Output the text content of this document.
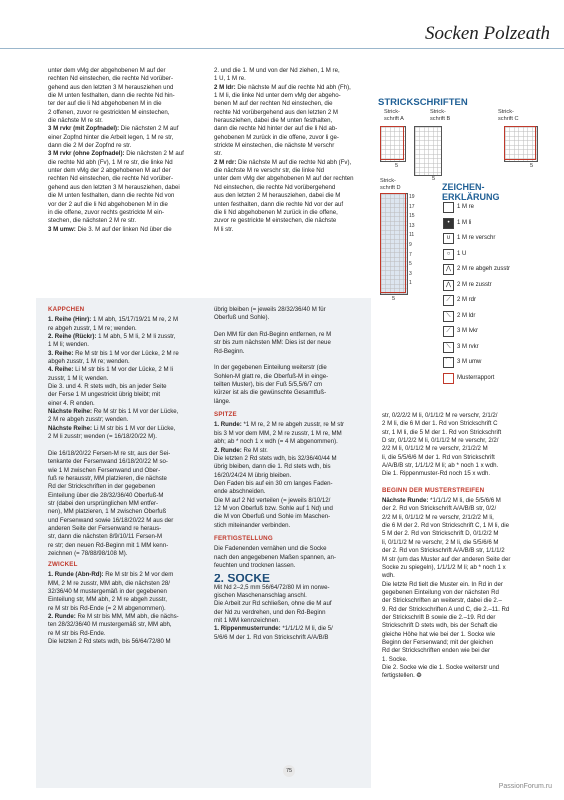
Socken Polzeath
unter dem vMg der abgehobenen M auf der
rechten Nd einstechen, die rechte Nd vorüber-
gehend aus den letzten 3 M herausziehen und
die M unten festhalten, dann die rechte Nd hin-
ter der auf die li Nd abgehobenen M in die
2 offenen, zuvor re gestrickten M einstechen,
die nächste M re str.
3 M rvkr (mit Zopfnadel): Die nächsten 2 M auf
einer Zopfnd hinter die Arbeit legen, 1 M re str,
dann die 2 M der Zopfnd re str.
3 M rvkr (ohne Zopfnadel): Die nächsten 2 M auf
die rechte Nd abh (Fv), 1 M re str, die linke Nd
unter dem vMg der 2 abgehobenen M auf der
rechten Nd einstechen, die rechte Nd vorüber-
gehend aus den letzten 3 M herausziehen, dabei
die M unten festhalten, dann die rechte Nd von
vor der 2 auf die li Nd abgehobenen M in die
in die offene, zuvor rechts gestrickte M ein-
stechen, die nächsten 2 M re str.
3 M umw: Die 3. M auf der linken Nd über die
2. und die 1. M und von der Nd ziehen, 1 M re,
1 U, 1 M re.
2 M ldr: Die nächste M auf die rechte Nd abh (Fh),
1 M li, die linke Nd unter dem vMg der abgeho-
benen M auf der rechten Nd einstechen, die
rechte Nd vorübergehend aus den letzten 2 M
herausziehen, dabei die M unten festhalten,
dann die rechte Nd hinter der auf die li Nd ab-
gehobenen M zurück in die offene, zuvor li ge-
strickte M einstechen, die nächste M verschr
str.
2 M rdr: Die nächste M auf die rechte Nd abh (Fv),
die nächste M re verschr str, die linke Nd
unter dem vMg der abgehobenen M auf der rechten
Nd einstechen, die rechte Nd vorübergehend
aus den letzten 2 M herausziehen, dabei die M
unten festhalten, dann die rechte Nd vor der auf
die li Nd abgehobenen M zurück in die offene,
zuvor re gestrickte M einstechen, die nächste
M li str.
STRICKSCHRIFTEN
Strick-
schrift A
Strick-
schrift B
Strick-
schrift C
5
5
5
Strick-
schrift D
5
19
17
15
13
11
9
7
5
3
1
ZEICHEN-
ERKLÄRUNG
1 M re
•	1 M li
ᴜ	1 M re verschr
○	1 U
⋀	2 M re abgeh zusstr
⋀	2 M re zusstr
⟋	2 M rdr
⟍	2 M ldr
⟋	3 M lvkr
⟍	3 M rvkr
⌒ 3 M umw
Musterrapport
KÄPPCHEN
1. Reihe (Hinr): 1 M abh, 15/17/19/21 M re, 2 M
re abgeh zusstr, 1 M re; wenden.
2. Reihe (Rückr): 1 M abh, 5 M li, 2 M li zusstr,
1 M li; wenden.
3. Reihe: Re M str bis 1 M vor der Lücke, 2 M re
abgeh zusstr, 1 M re; wenden.
4. Reihe: Li M str bis 1 M vor der Lücke, 2 M li
zusstr, 1 M li; wenden.
Die 3. und 4. R stets wdh, bis an jeder Seite
der Ferse 1 M ungestrickt übrig bleibt; mit
einer 4. R enden.
Nächste Reihe: Re M str bis 1 M vor der Lücke,
2 M re abgeh zusstr; wenden.
Nächste Reihe: Li M str bis 1 M vor der Lücke,
2 M li zusstr; wenden (= 16/18/20/22 M).

Die 16/18/20/22 Fersen-M re str, aus der Sei-
tenkante der Fersenwand 16/18/20/22 M so-
wie 1 M zwischen Fersenwand und Ober-
fuß re herausstr, MM platzieren, die nächste
Rd der Strickschriften in der gegebenen
Einteilung über die 28/32/36/40 Oberfuß-M
str (dabei den ursprünglichen MM entfer-
nen), MM platzieren, 1 M zwischen Oberfuß
und Fersenwand sowie 16/18/20/22 M aus der
anderen Seite der Fersenwand re heraus-
str, dann die nächsten 8/9/10/11 Fersen-M
re str; den neuen Rd-Beginn mit 1 MM kenn-
zeichnen (= 78/88/98/108 M).
ZWICKEL
1. Runde (Abn-Rd): Re M str bis 2 M vor dem
MM, 2 M re zusstr, MM abh, die nächsten 28/
32/36/40 M mustergemäß in der gegebenen
Einteilung str, MM abh, 2 M re abgeh zusstr,
re M str bis Rd-Ende (= 2 M abgenommen).
2. Runde: Re M str bis MM, MM abh, die nächs-
ten 28/32/36/40 M mustergemäß str, MM abh,
re M str bis Rd-Ende.
Die letzten 2 Rd stets wdh, bis 56/64/72/80 M
übrig bleiben (= jeweils 28/32/36/40 M für
Oberfuß und Sohle).

Den MM für den Rd-Beginn entfernen, re M
str bis zum nächsten MM: Dies ist der neue
Rd-Beginn.

In der gegebenen Einteilung weiterstr (die
Sohlen-M glatt re, die Oberfuß-M in einge-
teilten Muster), bis der Fuß 5/5,5/6/7 cm
kürzer ist als die gewünschte Gesamtfuß-
länge.
SPITZE
1. Runde: *1 M re, 2 M re abgeh zusstr, re M str
bis 3 M vor dem MM, 2 M re zusstr, 1 M re, MM
abh; ab * noch 1 x wdh (= 4 M abgenommen).
2. Runde: Re M str.
Die letzten 2 Rd stets wdh, bis 32/36/40/44 M
übrig bleiben, dann die 1. Rd stets wdh, bis
16/20/24/24 M übrig bleiben.
Den Faden bis auf ein 30 cm langes Faden-
ende abschneiden.
Die M auf 2 Nd verteilen (= jeweils 8/10/12/
12 M von Oberfuß bzw. Sohle auf 1 Nd) und
die M von Oberfuß und Sohle im Maschen-
stich miteinander verbinden.
FERTIGSTELLUNG
Die Fadenenden vernähen und die Socke
nach den angegebenen Maßen spannen, an-
feuchten und trocknen lassen.
2. SOCKE
Mit Nd 2–2,5 mm 56/64/72/80 M im norwe-
gischen Maschenanschlag anschl.
Die Arbeit zur Rd schließen, ohne die M auf
der Nd zu verdrehen, und den Rd-Beginn
mit 1 MM kennzeichnen.
1. Rippenmusterrunde: *1/1/1/2 M li, die 5/
5/6/6 M der 1. Rd von Strickschrift A/A/B/B
str, 0/2/2/2 M li, 0/1/1/2 M re verschr, 2/1/2/
2 M li, die 6 M der 1. Rd von Strickschrift C
str, 1 M li, die 5 M der 1. Rd von Strickschrift
D str, 0/1/2/2 M li, 0/1/1/2 M re verschr, 2/2/
2/2 M li, 0/1/1/2 M re verschr, 2/1/2/2 M
li, die 5/5/6/6 M der 1. Rd von Strickschrift
A/A/B/B str, 1/1/1/2 M li; ab * noch 1 x wdh.
Die 1. Rippenmuster-Rd noch 15 x wdh.
BEGINN DER MUSTERSTREIFEN
Nächste Runde: *1/1/1/2 M li, die 5/5/6/6 M
der 2. Rd von Strickschrift A/A/B/B str, 0/2/
2/2 M li, 0/1/1/2 M re verschr, 2/1/2/2 M li,
die 6 M der 2. Rd von Strickschrift C, 1 M li, die
5 M der 2. Rd von Strickschrift D, 0/1/2/2 M
li, 0/1/1/2 M re verschr, 2 M li, die 5/5/6/6 M
der 2. Rd von Strickschrift A/A/B/B str, 1/1/1/2
M str (um das Muster auf der anderen Seite der
Socke zu spiegeln), 1/1/1/2 M li; ab * noch 1 x
wdh.
Die letzte Rd tielt die Muster ein. In Rd in der
gegebenen Einteilung von der nächsten Rd
der Strickschriften an weiterstr, dabei die 2.–
9. Rd der Strickschriften A und C, die 2.–11. Rd
der Strickschrift B sowie die 2.–19. Rd der
Strickschrift D stets wdh, bis der Schaft die
gleiche Höhe hat wie bei der 1. Socke wie
Beginn der Fersenwand; mit der gleichen
Rd der Strickschriften enden wie bei der
1. Socke.
Die 2. Socke wie die 1. Socke weiterstr und
fertigstellen. ❂
75
PassionForum.ru
